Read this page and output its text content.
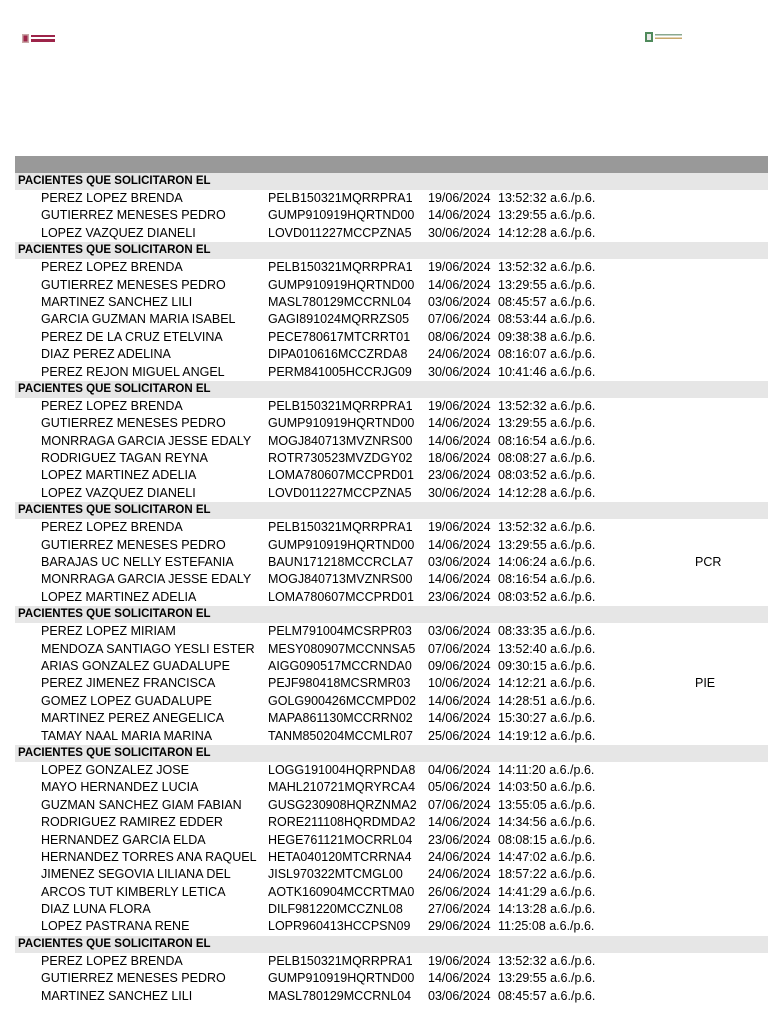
PACIENTES QUE SOLICITARON EL
PEREZ LOPEZ BRENDA	PELB150321MQRRPRA1 19/06/2024 13:52:32 a.6./p.6.
GUTIERREZ MENESES PEDRO	GUMP910919HQRTND00 14/06/2024 13:29:55 a.6./p.6.
LOPEZ VAZQUEZ DIANELI	LOVD011227MCCPZNA5 30/06/2024 14:12:28 a.6./p.6.
PACIENTES QUE SOLICITARON EL
PEREZ LOPEZ BRENDA	PELB150321MQRRPRA1 19/06/2024 13:52:32 a.6./p.6.
GUTIERREZ MENESES PEDRO	GUMP910919HQRTND00 14/06/2024 13:29:55 a.6./p.6.
MARTINEZ SANCHEZ LILI	MASL780129MCCRNL04 03/06/2024 08:45:57 a.6./p.6.
GARCIA GUZMAN MARIA ISABEL	GAGI891024MQRRZS05 07/06/2024 08:53:44 a.6./p.6.
PEREZ DE LA CRUZ ETELVINA	PECE780617MTCRRT01 08/06/2024 09:38:38 a.6./p.6.
DIAZ PEREZ ADELINA	DIPA010616MCCZRDA8 24/06/2024 08:16:07 a.6./p.6.
PEREZ REJON MIGUEL ANGEL	PERM841005HCCRJG09 30/06/2024 10:41:46 a.6./p.6.
PACIENTES QUE SOLICITARON EL
PEREZ LOPEZ BRENDA	PELB150321MQRRPRA1 19/06/2024 13:52:32 a.6./p.6.
GUTIERREZ MENESES PEDRO	GUMP910919HQRTND00 14/06/2024 13:29:55 a.6./p.6.
MONRRAGA GARCIA JESSE EDALY MOGJ840713MVZNRS00 14/06/2024 08:16:54 a.6./p.6.
RODRIGUEZ TAGAN REYNA	ROTR730523MVZDGY02 18/06/2024 08:08:27 a.6./p.6.
LOPEZ MARTINEZ ADELIA	LOMA780607MCCPRD01 23/06/2024 08:03:52 a.6./p.6.
LOPEZ VAZQUEZ DIANELI	LOVD011227MCCPZNA5 30/06/2024 14:12:28 a.6./p.6.
PACIENTES QUE SOLICITARON EL
PEREZ LOPEZ BRENDA	PELB150321MQRRPRA1 19/06/2024 13:52:32 a.6./p.6.
GUTIERREZ MENESES PEDRO	GUMP910919HQRTND00 14/06/2024 13:29:55 a.6./p.6.
BARAJAS UC NELLY ESTEFANIA	BAUN171218MCCRCLA7 03/06/2024 14:06:24 a.6./p.6.	PCR
MONRRAGA GARCIA JESSE EDALY MOGJ840713MVZNRS00 14/06/2024 08:16:54 a.6./p.6.
LOPEZ MARTINEZ ADELIA	LOMA780607MCCPRD01 23/06/2024 08:03:52 a.6./p.6.
PACIENTES QUE SOLICITARON EL
PEREZ LOPEZ MIRIAM	PELM791004MCSRPR03 03/06/2024 08:33:35 a.6./p.6.
MENDOZA SANTIAGO YESLI ESTER MESY080907MCCNNSA5 07/06/2024 13:52:40 a.6./p.6.
ARIAS GONZALEZ GUADALUPE	AIGG090517MCCRNDA0 09/06/2024 09:30:15 a.6./p.6.
PEREZ JIMENEZ FRANCISCA	PEJF980418MCSRMR03 10/06/2024 14:12:21 a.6./p.6.	PIE
GOMEZ LOPEZ GUADALUPE	GOLG900426MCCMPD02 14/06/2024 14:28:51 a.6./p.6.
MARTINEZ PEREZ ANEGELICA	MAPA861130MCCRRN02 14/06/2024 15:30:27 a.6./p.6.
TAMAY NAAL MARIA MARINA	TANM850204MCCMLR07 25/06/2024 14:19:12 a.6./p.6.
PACIENTES QUE SOLICITARON EL
LOPEZ GONZALEZ JOSE	LOGG191004HQRPNDA8 04/06/2024 14:11:20 a.6./p.6.
MAYO HERNANDEZ LUCIA	MAHL210721MQRYRCA4 05/06/2024 14:03:50 a.6./p.6.
GUZMAN SANCHEZ GIAM FABIAN GUSG230908HQRZNMA2 07/06/2024 13:55:05 a.6./p.6.
RODRIGUEZ RAMIREZ EDDER	RORE211108HQRDMDA2 14/06/2024 14:34:56 a.6./p.6.
HERNANDEZ GARCIA ELDA	HEGE761121MOCRRL04 23/06/2024 08:08:15 a.6./p.6.
HERNANDEZ TORRES ANA RAQUEL HETA040120MTCRRNA4 24/06/2024 14:47:02 a.6./p.6.
JIMENEZ SEGOVIA LILIANA DEL	JISL970322MTCMGL00 24/06/2024 18:57:22 a.6./p.6.
ARCOS TUT KIMBERLY LETICA	AOTK160904MCCRTMA0 26/06/2024 14:41:29 a.6./p.6.
DIAZ LUNA FLORA	DILF981220MCCZNL08 27/06/2024 14:13:28 a.6./p.6.
LOPEZ PASTRANA RENE	LOPR960413HCCPSN09 29/06/2024 11:25:08 a.6./p.6.
PACIENTES QUE SOLICITARON EL
PEREZ LOPEZ BRENDA	PELB150321MQRRPRA1 19/06/2024 13:52:32 a.6./p.6.
GUTIERREZ MENESES PEDRO	GUMP910919HQRTND00 14/06/2024 13:29:55 a.6./p.6.
MARTINEZ SANCHEZ LILI	MASL780129MCCRNL04 03/06/2024 08:45:57 a.6./p.6.
